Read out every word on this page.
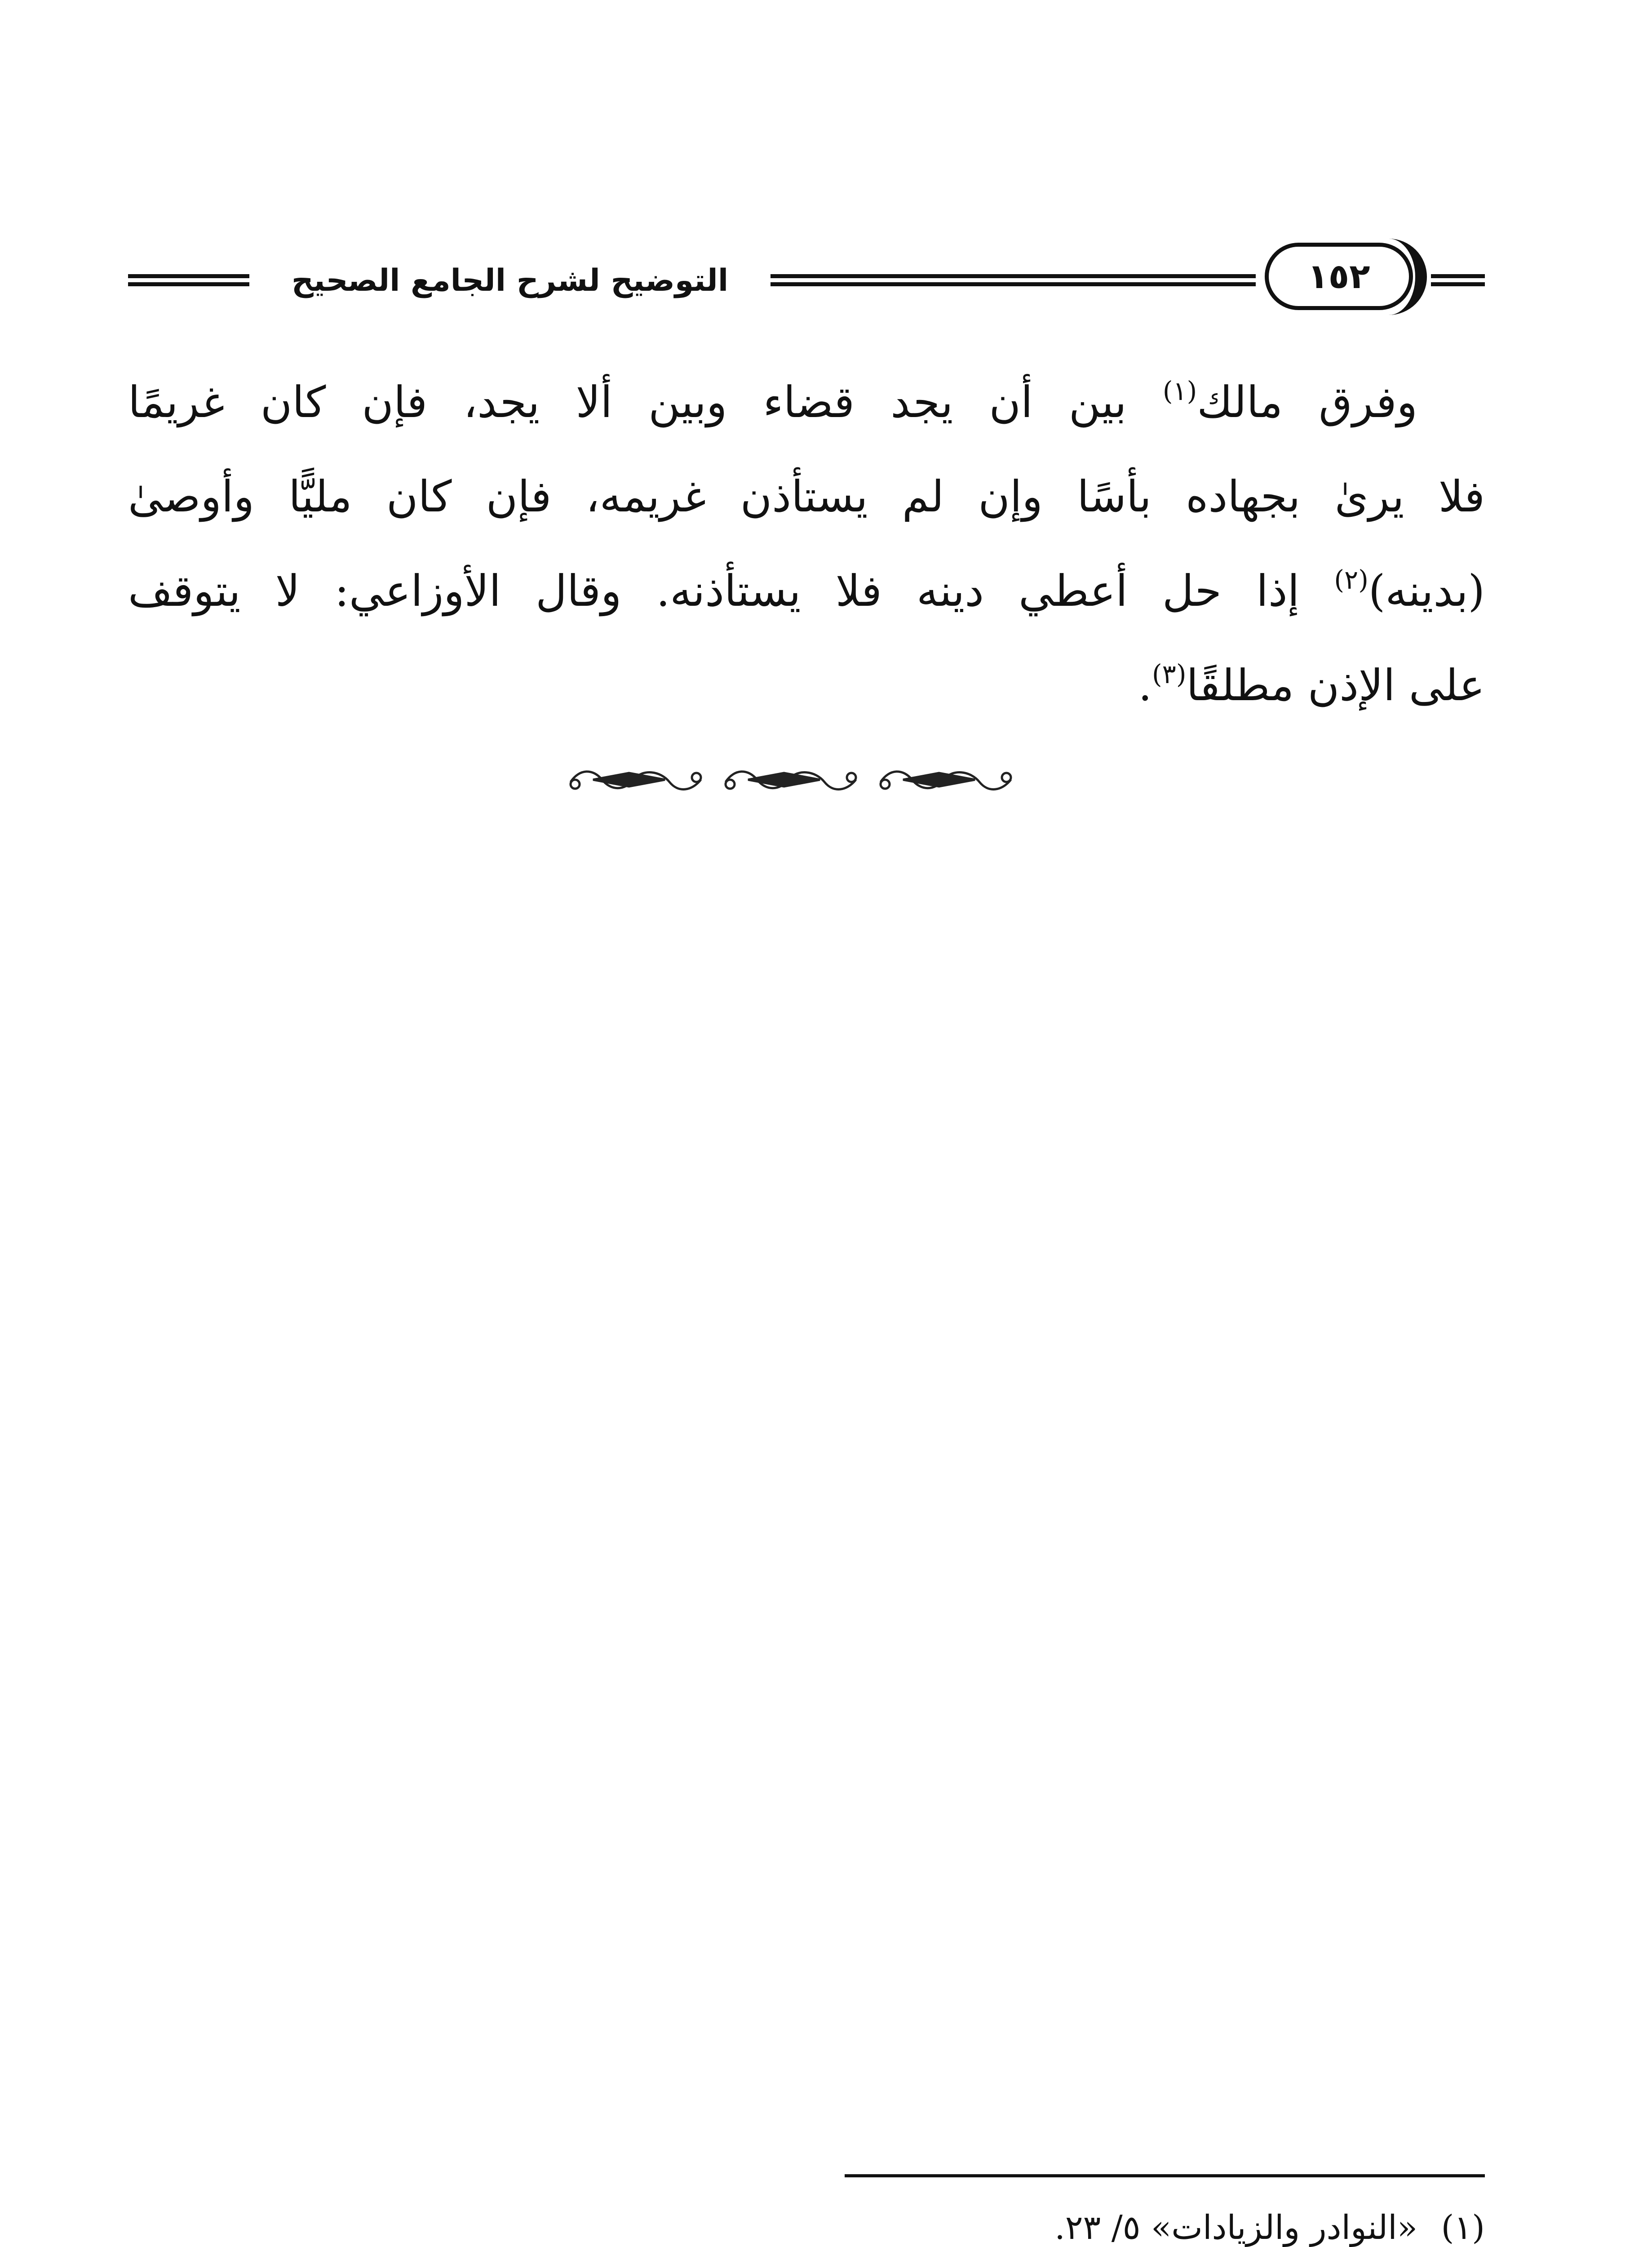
التوضيح لشرح الجامع الصحيح	١٥٢
وفرق مالك$^{(١)}$ بين أن يجد قضاء وبين ألا يجد، فإن كان غريمًا
فلا يرىٰ بجهاده بأسًا وإن لم يستأذن غريمه، فإن كان مليًّا وأوصىٰ
(بدينه)$^{(٢)}$ إذا حل أعطي دينه فلا يستأذنه. وقال الأوزاعي: لا يتوقف
على الإذن مطلقًا$^{(٣)}$.
(١)«النوادر والزيادات» ٥/ ٢٣.
